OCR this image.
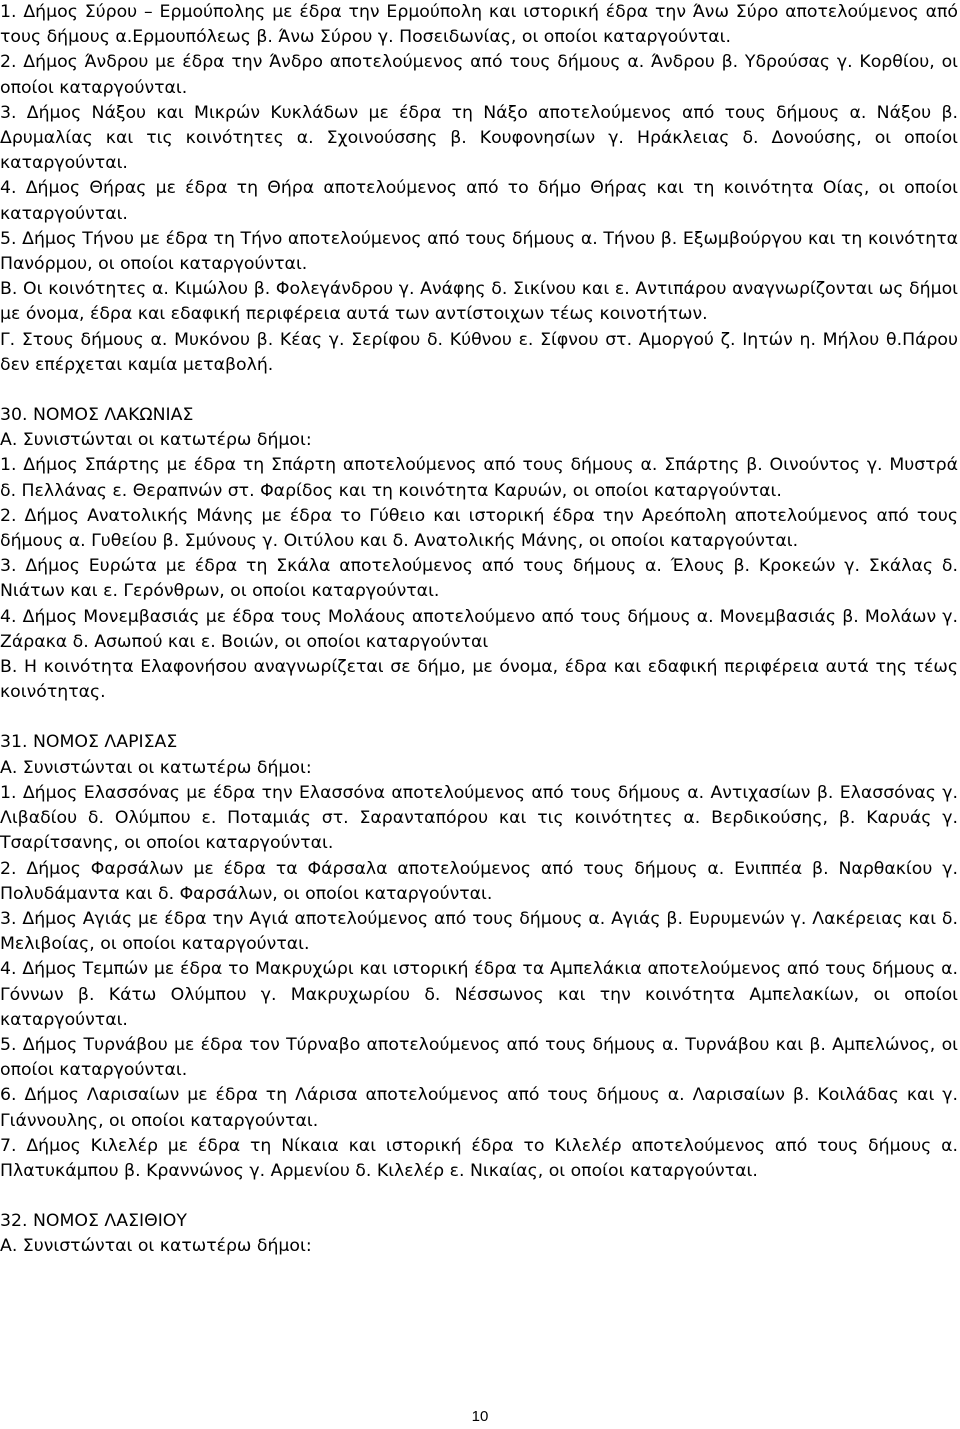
1. Δήμος Σύρου – Ερμούπολης με έδρα την Ερμούπολη και ιστορική έδρα την Άνω Σύρο αποτελούμενος από τους δήμους α.Ερμουπόλεως β. Άνω Σύρου γ. Ποσειδωνίας, οι οποίοι καταργούνται.

2. Δήμος Άνδρου με έδρα την Άνδρο αποτελούμενος από τους δήμους α. Άνδρου β. Υδρούσας γ. Κορθίου, οι οποίοι καταργούνται.

3. Δήμος Νάξου και Μικρών Κυκλάδων με έδρα τη Νάξο αποτελούμενος από τους δήμους α. Νάξου β. Δρυμαλίας και τις κοινότητες α. Σχοινούσσης β. Κουφονησίων γ. Ηράκλειας δ. Δονούσης, οι οποίοι καταργούνται.

4. Δήμος Θήρας με έδρα τη Θήρα αποτελούμενος από το δήμο Θήρας και τη κοινότητα Οίας, οι οποίοι καταργούνται.

5. Δήμος Τήνου με έδρα τη Τήνο αποτελούμενος από τους δήμους α. Τήνου β. Εξωμβούργου και τη κοινότητα Πανόρμου, οι οποίοι καταργούνται.

Β. Οι κοινότητες α. Κιμώλου β. Φολεγάνδρου γ. Ανάφης δ. Σικίνου και ε. Αντιπάρου αναγνωρίζονται ως δήμοι με όνομα, έδρα και εδαφική περιφέρεια αυτά των αντίστοιχων τέως κοινοτήτων.

Γ. Στους δήμους α. Μυκόνου β. Κέας γ. Σερίφου δ. Κύθνου ε. Σίφνου στ. Αμοργού ζ. Ιητών η. Μήλου θ.Πάρου δεν επέρχεται καμία μεταβολή.

30. ΝΟΜΟΣ ΛΑΚΩΝΙΑΣ

Α. Συνιστώνται οι κατωτέρω δήμοι:

1. Δήμος Σπάρτης με έδρα τη Σπάρτη αποτελούμενος από τους δήμους α. Σπάρτης β. Οινούντος γ. Μυστρά δ. Πελλάνας ε. Θεραπνών στ. Φαρίδος και τη κοινότητα Καρυών, οι οποίοι καταργούνται.

2. Δήμος Ανατολικής Μάνης με έδρα το Γύθειο και ιστορική έδρα την Αρεόπολη αποτελούμενος από τους δήμους α. Γυθείου β. Σμύνους γ. Οιτύλου και δ. Ανατολικής Μάνης, οι οποίοι καταργούνται.

3. Δήμος Ευρώτα με έδρα τη Σκάλα αποτελούμενος από τους δήμους α. Έλους β. Κροκεών γ. Σκάλας δ. Νιάτων και ε. Γερόνθρων, οι οποίοι καταργούνται.

4. Δήμος Μονεμβασιάς με έδρα τους Μολάους αποτελούμενο από τους δήμους α. Μονεμβασιάς β. Μολάων γ. Ζάρακα δ. Ασωπού και ε. Βοιών, οι οποίοι καταργούνται

Β. Η κοινότητα Ελαφονήσου αναγνωρίζεται σε δήμο, με όνομα, έδρα και εδαφική περιφέρεια αυτά της τέως κοινότητας.

31. ΝΟΜΟΣ ΛΑΡΙΣΑΣ

Α. Συνιστώνται οι κατωτέρω δήμοι:

1. Δήμος Ελασσόνας με έδρα την Ελασσόνα αποτελούμενος από τους δήμους α. Αντιχασίων β. Ελασσόνας γ. Λιβαδίου δ. Ολύμπου ε. Ποταμιάς στ. Σαρανταπόρου και τις κοινότητες α. Βερδικούσης, β. Καρυάς γ. Τσαρίτσανης, οι οποίοι καταργούνται.

2. Δήμος Φαρσάλων με έδρα τα Φάρσαλα αποτελούμενος από τους δήμους α. Ενιππέα β. Ναρθακίου γ. Πολυδάμαντα και δ. Φαρσάλων, οι οποίοι καταργούνται.

3. Δήμος Αγιάς με έδρα την Αγιά αποτελούμενος από τους δήμους α. Αγιάς β. Ευρυμενών γ. Λακέρειας και δ. Μελιβοίας, οι οποίοι καταργούνται.

4. Δήμος Τεμπών με έδρα το Μακρυχώρι και ιστορική έδρα τα Αμπελάκια αποτελούμενος από τους δήμους α. Γόννων β. Κάτω Ολύμπου γ. Μακρυχωρίου δ. Νέσσωνος και την κοινότητα Αμπελακίων, οι οποίοι καταργούνται.

5. Δήμος Τυρνάβου με έδρα τον Τύρναβο αποτελούμενος από τους δήμους α. Τυρνάβου και β. Αμπελώνος, οι οποίοι καταργούνται.

6. Δήμος Λαρισαίων με έδρα τη Λάρισα αποτελούμενος από τους δήμους α. Λαρισαίων β. Κοιλάδας και γ. Γιάννουλης, οι οποίοι καταργούνται.

7. Δήμος Κιλελέρ με έδρα τη Νίκαια και ιστορική έδρα το Κιλελέρ αποτελούμενος από τους δήμους α. Πλατυκάμπου β. Κραννώνος γ. Αρμενίου δ. Κιλελέρ ε. Νικαίας, οι οποίοι καταργούνται.

32. ΝΟΜΟΣ ΛΑΣΙΘΙΟΥ

Α. Συνιστώνται οι κατωτέρω δήμοι:

10
